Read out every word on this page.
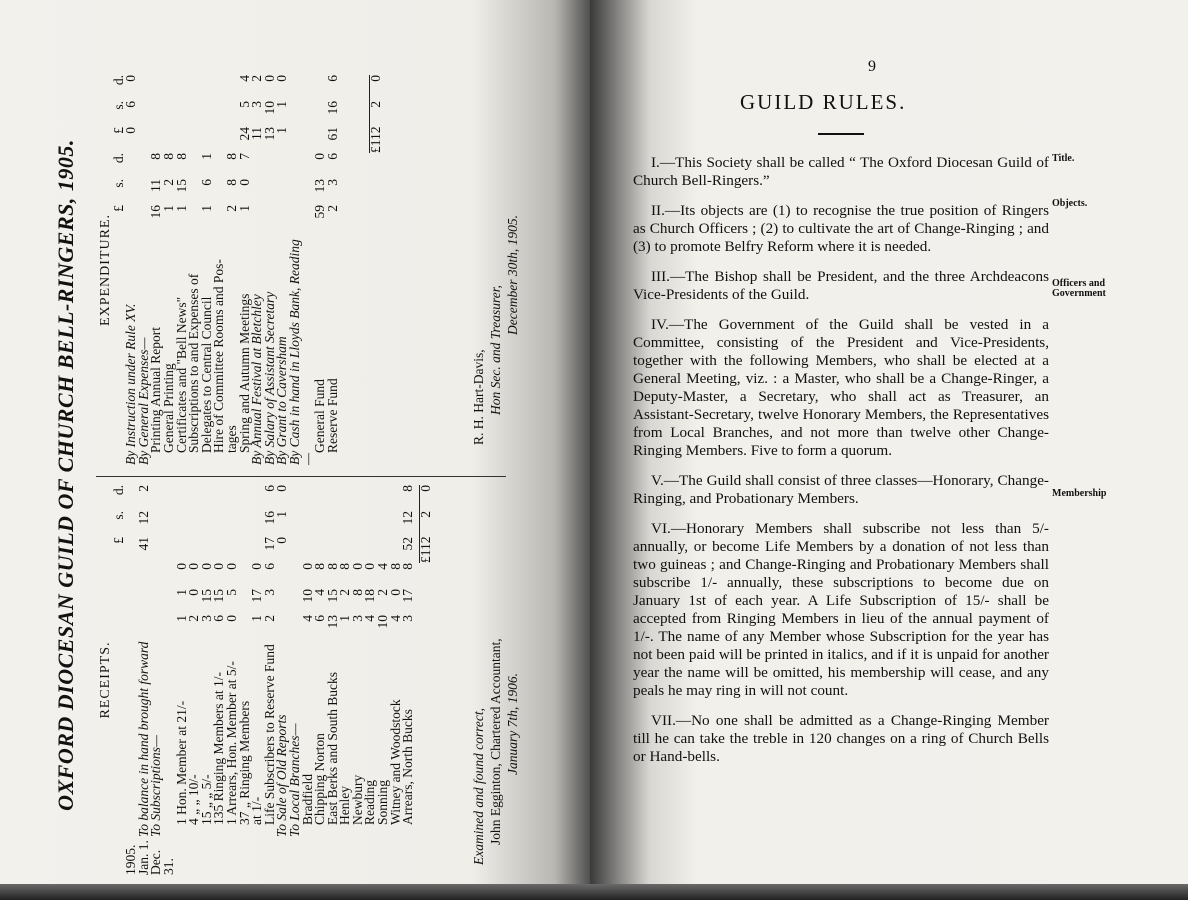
OXFORD DIOCESAN GUILD OF CHURCH BELL-RINGERS, 1905. RECEIPTS.
£
s.
d.
1905.
Jan. 1.
To balance in hand brought forward
41
12
2
Dec. 31.
To Subscriptions— 1 Hon. Member at 21/-
1
1
0
4 „ „ 10/-
2
0
0
15 „ „ 5/-
3
15
0
135 Ringing Members at 1/-
6
15
0
1 Arrears, Hon. Member at 5/-
0
5
0
37 „ Ringing Members
at 1/-
1
17
0
Life Subscribers to Reserve Fund
2
3
6
17
16
6
To Sale of Old Reports
0
1
0
To Local Branches—
Bradfield
4
10
0
Chipping Norton
6
4
8
East Berks and South Bucks
13
15
8
Henley
1
2
8
Newbury
3
8
0
Reading
4
18
0
Sonning
10
2
4
Witney and Woodstock
4
0
8
Arrears, North Bucks
3
17
8
52
12
8
£112
2
0
Examined and found correct, John Egginton, Chartered Accountant, January 7th, 1906.
EXPENDITURE.
£
s.
d.
£
s.
d.
By Instruction under Rule XV.
0
6
0
By General Expenses—
Printing Annual Report
16
11
8
General Printing
1
2
8
Certificates and "Bell News"
1
15
8
Subscriptions to and Expenses of
Delegates to Central Council
1
6
1
Hire of Committee Rooms and Pos-
tages
2
8
8
Spring and Autumn Meetings
1
0
7
24
5
4
By Annual Festival at Bletchley
11
3
2
By Salary of Assistant Secretary
13
10
0
By Grant to Caversham
1
1
0
By Cash in hand in Lloyds Bank, Reading—
General Fund
59
13
0
Reserve Fund
2
3
6
61
16
6
£112
2
0
R. H. Hart-Davis, Hon Sec. and Treasurer,
December 30th, 1905.
9
GUILD RULES.
Title.
Objects.
Officers and Government
Membership

I.—This Society shall be called “ The Oxford Diocesan Guild of Church Bell-Ringers.”

II.—Its objects are (1) to recognise the true position of Ringers as Church Officers ; (2) to cultivate the art of Change-Ringing ; and (3) to promote Belfry Reform where it is needed.

III.—The Bishop shall be President, and the three Archdeacons Vice-Presidents of the Guild.

IV.—The Government of the Guild shall be vested in a Committee, consisting of the President and Vice-Presidents, together with the following Members, who shall be elected at a General Meeting, viz. : a Master, who shall be a Change-Ringer, a Deputy-Master, a Secretary, who shall act as Treasurer, an Assistant-Secretary, twelve Honorary Members, the Representatives from Local Branches, and not more than twelve other Change-Ringing Members. Five to form a quorum.

V.—The Guild shall consist of three classes—Honorary, Change-Ringing, and Probationary Members.

VI.—Honorary Members shall subscribe not less than 5/- annually, or become Life Members by a donation of not less than two guineas ; and Change-Ringing and Probationary Members shall subscribe 1/- annually, these subscriptions to become due on January 1st of each year. A Life Subscription of 15/- shall be accepted from Ringing Members in lieu of the annual payment of 1/-. The name of any Member whose Subscription for the year has not been paid will be printed in italics, and if it is unpaid for another year the name will be omitted, his membership will cease, and any peals he may ring in will not count.

VII.—No one shall be admitted as a Change-Ringing Member till he can take the treble in 120 changes on a ring of Church Bells or Hand-bells.
